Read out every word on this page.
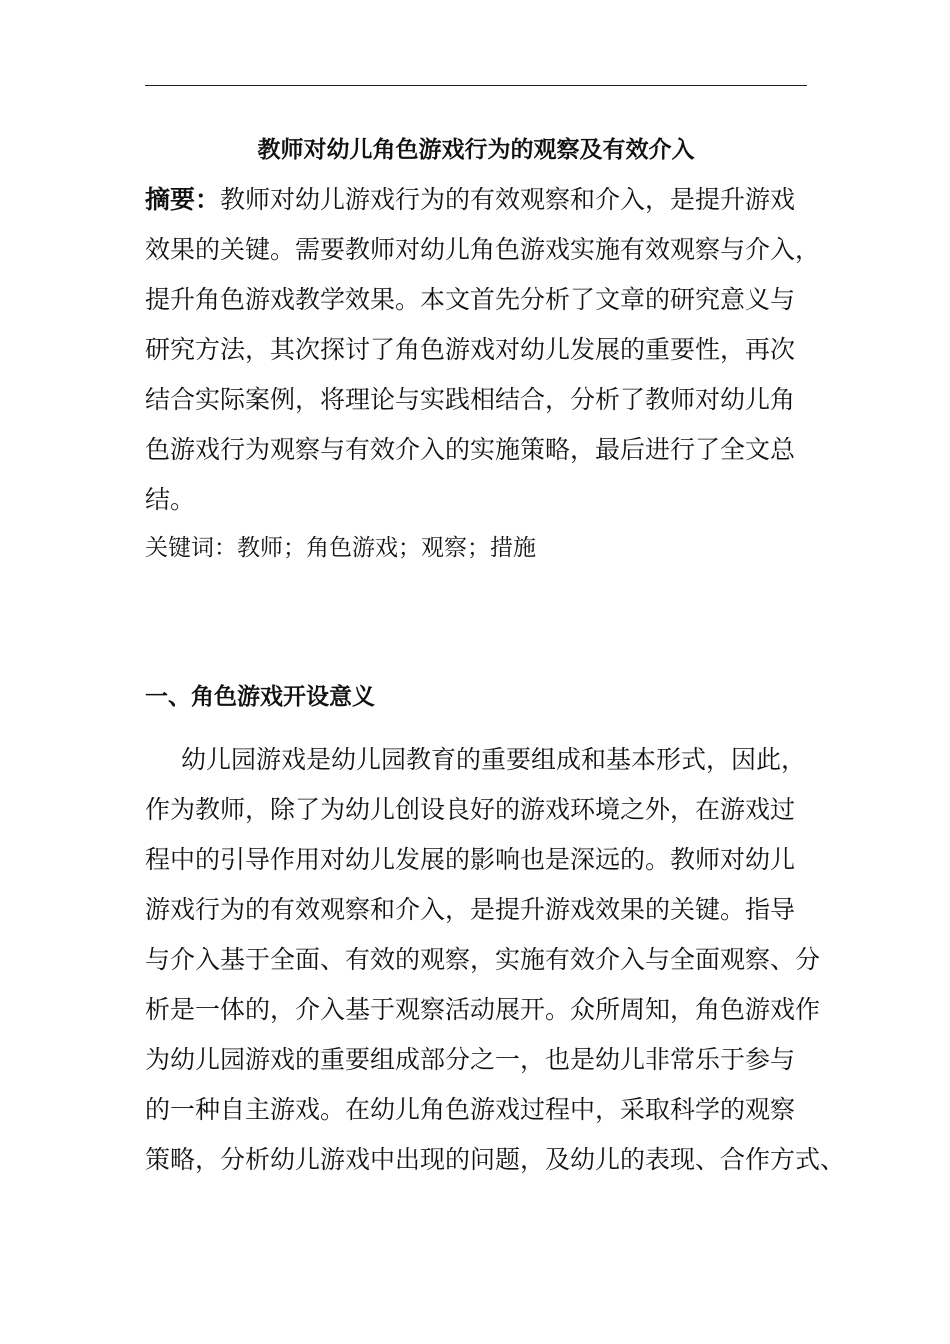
教师对幼儿角色游戏行为的观察及有效介入
摘要：教师对幼儿游戏行为的有效观察和介入，是提升游戏
效果的关键。需要教师对幼儿角色游戏实施有效观察与介入，
提升角色游戏教学效果。本文首先分析了文章的研究意义与
研究方法，其次探讨了角色游戏对幼儿发展的重要性，再次
结合实际案例，将理论与实践相结合，分析了教师对幼儿角
色游戏行为观察与有效介入的实施策略，最后进行了全文总
结。
关键词：教师；角色游戏；观察；措施
一、角色游戏开设意义
幼儿园游戏是幼儿园教育的重要组成和基本形式，因此，
作为教师，除了为幼儿创设良好的游戏环境之外，在游戏过
程中的引导作用对幼儿发展的影响也是深远的。教师对幼儿
游戏行为的有效观察和介入，是提升游戏效果的关键。指导
与介入基于全面、有效的观察，实施有效介入与全面观察、分
析是一体的，介入基于观察活动展开。众所周知，角色游戏作
为幼儿园游戏的重要组成部分之一，也是幼儿非常乐于参与
的一种自主游戏。在幼儿角色游戏过程中，采取科学的观察
策略，分析幼儿游戏中出现的问题，及幼儿的表现、合作方式、
